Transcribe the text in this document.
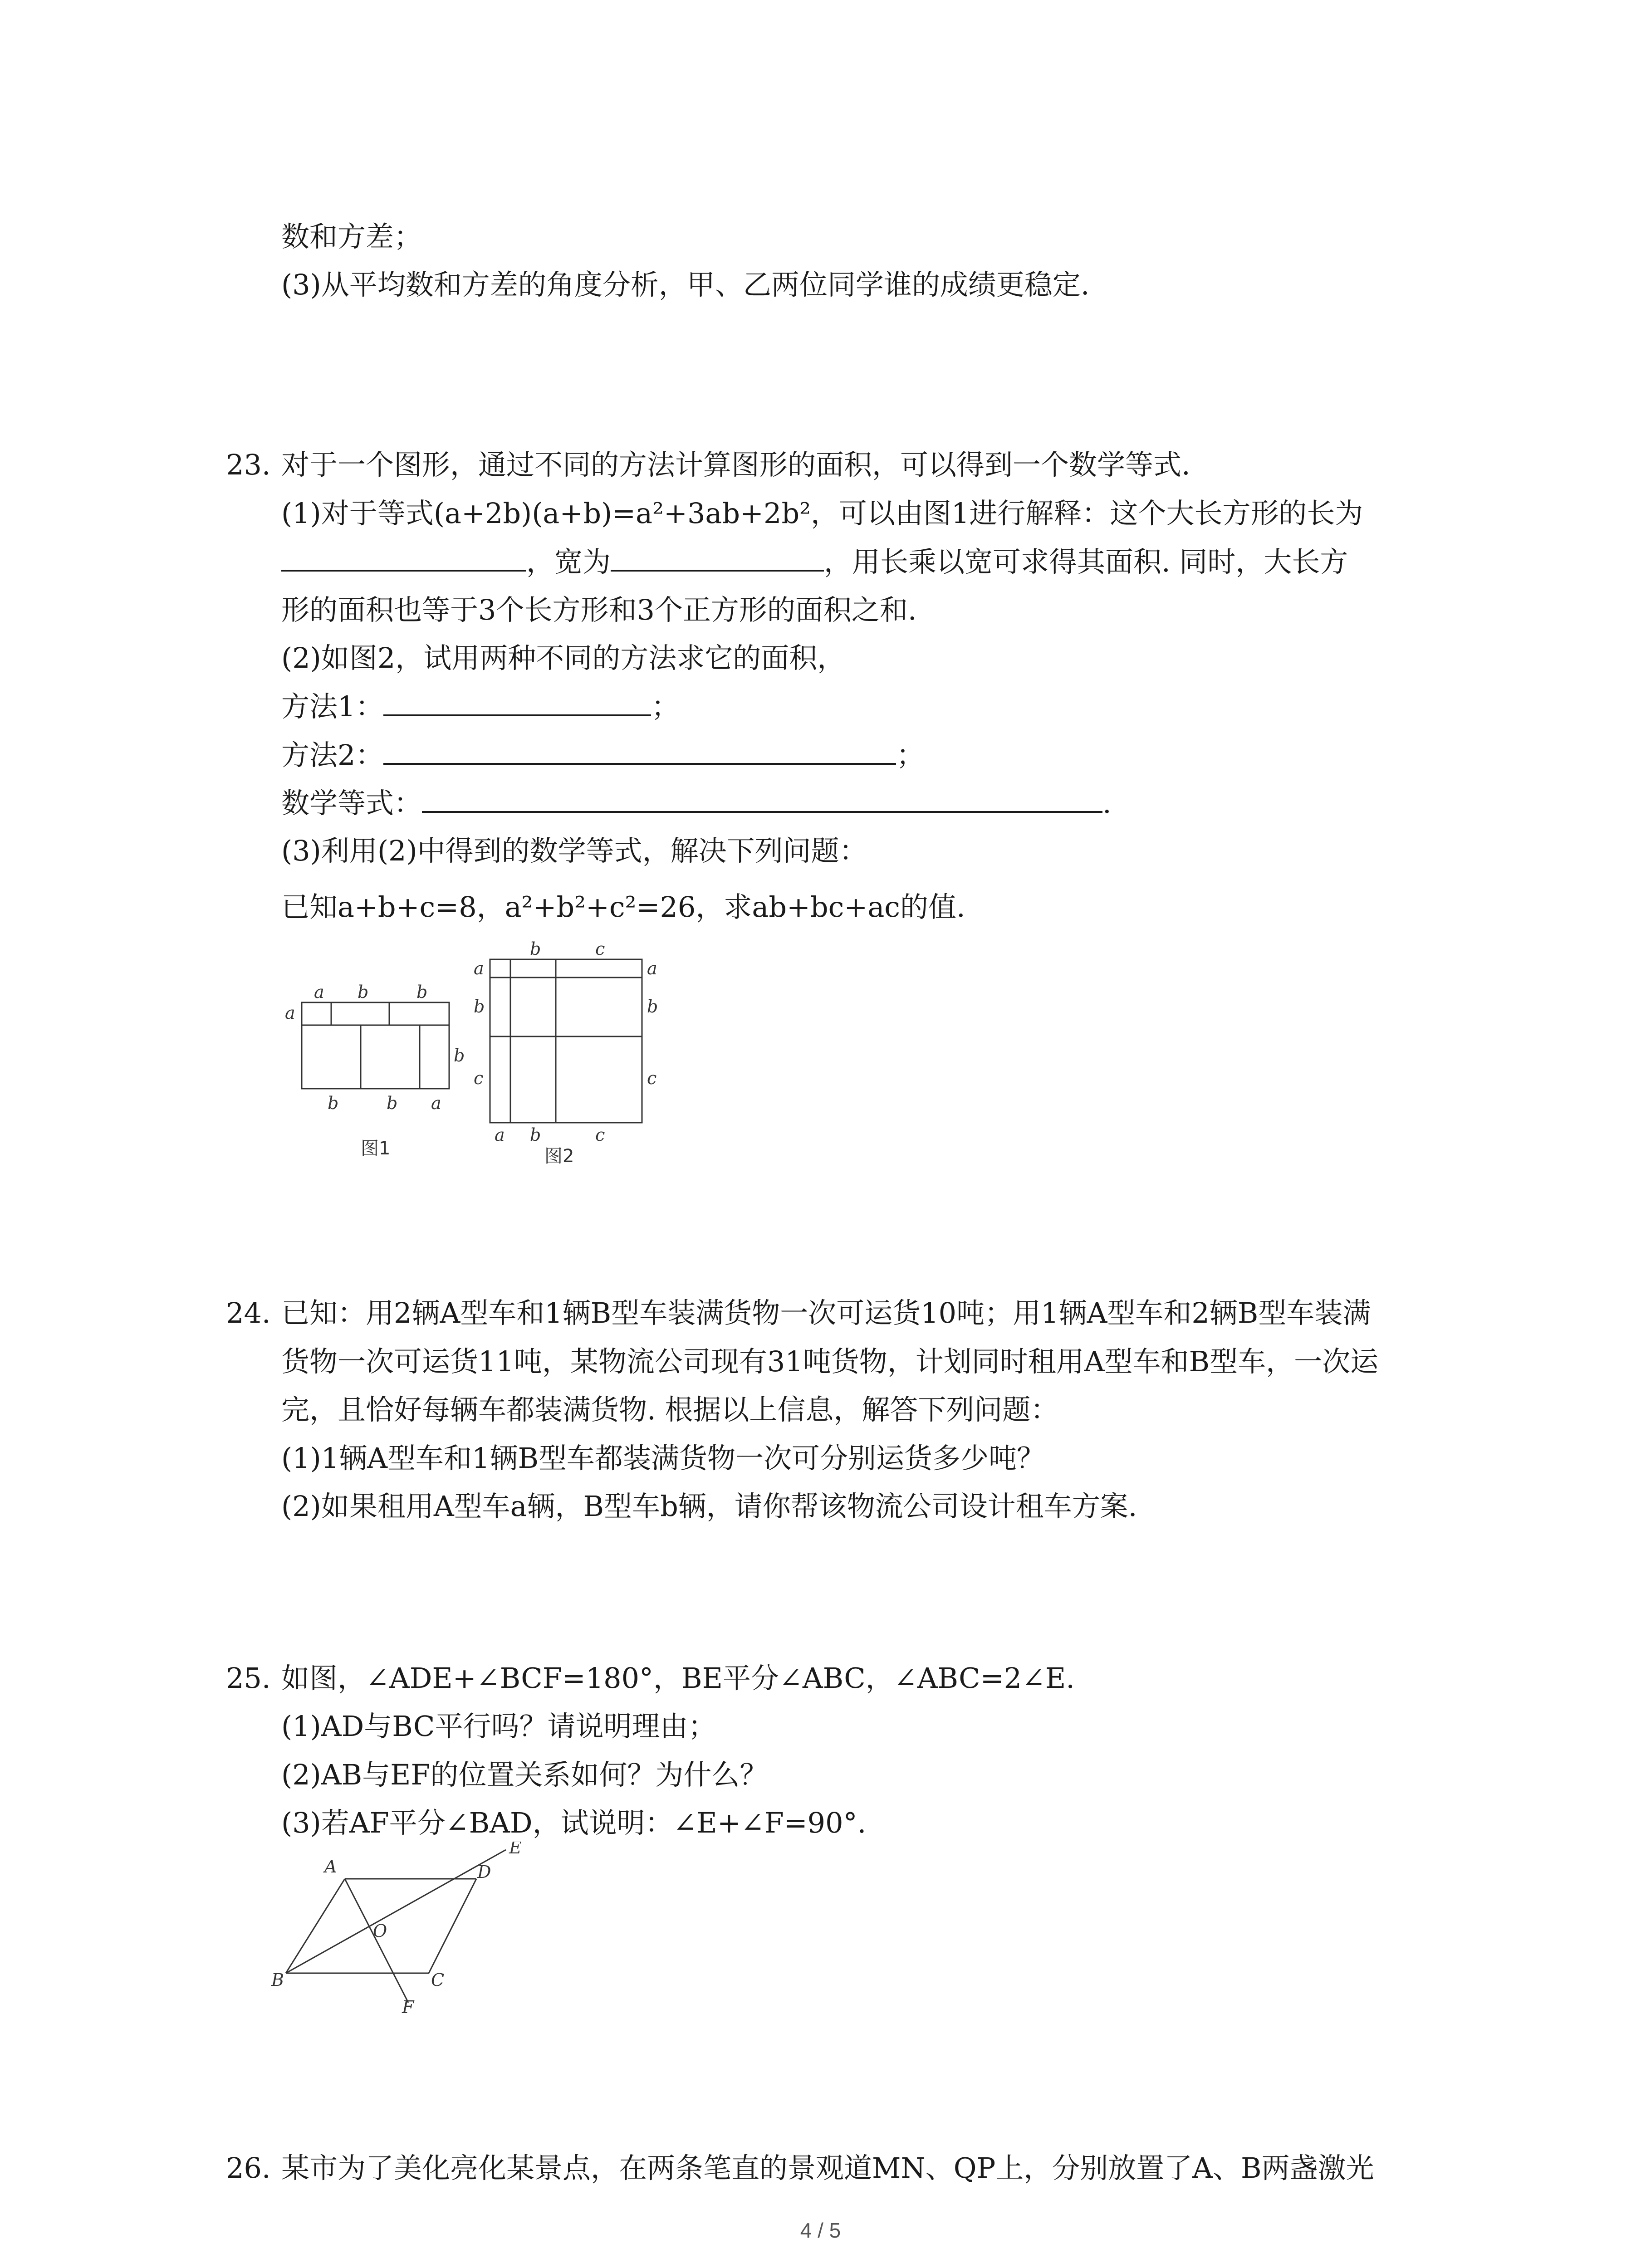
数和方差；
(3)从平均数和方差的角度分析，甲、乙两位同学谁的成绩更稳定.
23. 对于一个图形，通过不同的方法计算图形的面积，可以得到一个数学等式.
(1)对于等式(a+2b)(a+b)=a²+3ab+2b²，可以由图1进行解释：这个大长方形的长为
，宽为	，用长乘以宽可求得其面积. 同时，大长方
形的面积也等于3个长方形和3个正方形的面积之和.
(2)如图2，试用两种不同的方法求它的面积，
方法1：	；
方法2：	；
数学等式：	.
(3)利用(2)中得到的数学等式，解决下列问题：
已知a+b+c=8，a²+b²+c²=26，求ab+bc+ac的值.
a b	b
a
b
b	b a
图1
b	c
a
b
c
a
b
c
a b	c
图2
24. 已知：用2辆A型车和1辆B型车装满货物一次可运货10吨；用1辆A型车和2辆B型车装满
货物一次可运货11吨，某物流公司现有31吨货物，计划同时租用A型车和B型车，一次运
完，且恰好每辆车都装满货物. 根据以上信息，解答下列问题：
(1)1辆A型车和1辆B型车都装满货物一次可分别运货多少吨？
(2)如果租用A型车a辆，B型车b辆，请你帮该物流公司设计租车方案.
25. 如图，∠ADE+∠BCF=180°，BE平分∠ABC，∠ABC=2∠E.
(1)AD与BC平行吗？请说明理由；
(2)AB与EF的位置关系如何？为什么？
(3)若AF平分∠BAD，试说明：∠E+∠F=90°.
A
B	C
D
E
F
O
26. 某市为了美化亮化某景点，在两条笔直的景观道MN、QP上，分别放置了A、B两盏激光
4 / 5
